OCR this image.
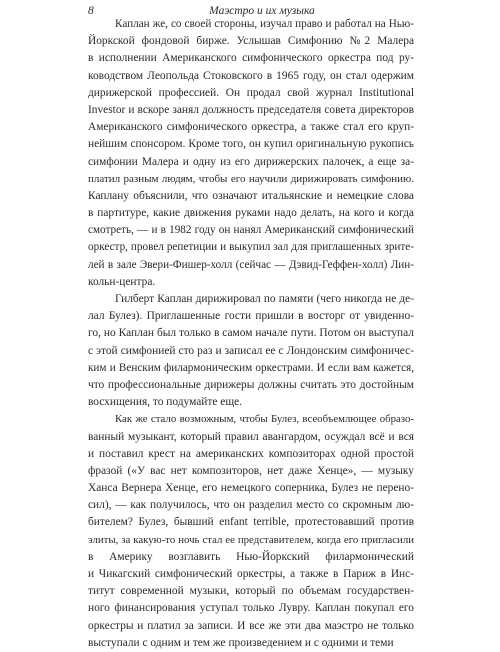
8	Маэстро и их музыка
Каплан же, со своей стороны, изучал право и работал на Нью-
Йоркской фондовой бирже. Услышав Симфонию №2 Малера
в исполнении Американского симфонического оркестра под ру-
ководством Леопольда Стоковского в 1965 году, он стал одержим
дирижерской профессией. Он продал свой журнал Institutional
Investor и вскоре занял должность председателя совета директоров
Американского симфонического оркестра, а также стал его круп-
нейшим спонсором. Кроме того, он купил оригинальную рукопись
симфонии Малера и одну из его дирижерских палочек, а еще за-
платил разным людям, чтобы его научили дирижировать симфонию.
Каплану объяснили, что означают итальянские и немецкие слова
в партитуре, какие движения руками надо делать, на кого и когда
смотреть, — и в 1982 году он нанял Американский симфонический
оркестр, провел репетиции и выкупил зал для приглашенных зрите-
лей в зале Эвери-Фишер-холл (сейчас — Дэвид-Геффен-холл) Лин-
кольн-центра.
Гилберт Каплан дирижировал по памяти (чего никогда не де-
лал Булез). Приглашенные гости пришли в восторг от увиденно-
го, но Каплан был только в самом начале пути. Потом он выступал
с этой симфонией сто раз и записал ее с Лондонским симфоничес-
ким и Венским филармоническим оркестрами. И если вам кажется,
что профессиональные дирижеры должны считать это достойным
восхищения, то подумайте еще.
Как же стало возможным, чтобы Булез, всеобъемлющее образо-
ванный музыкант, который правил авангардом, осуждал всё и вся
и поставил крест на американских композиторах одной простой
фразой («У вас нет композиторов, нет даже Хенце», — музыку
Ханса Вернера Хенце, его немецкого соперника, Булез не перено-
сил), — как получилось, что он разделил место со скромным лю-
бителем? Булез, бывший enfant terrible, протестовавший против
элиты, за какую-то ночь стал ее представителем, когда его пригласили
в Америку возглавить Нью-Йоркский филармонический
и Чикагский симфонический оркестры, а также в Париж в Инс-
титут современной музыки, который по объемам государствен-
ного финансирования уступал только Лувру. Каплан покупал его
оркестры и платил за записи. И все же эти два маэстро не только
выступали с одним и тем же произведением и с одними и теми
